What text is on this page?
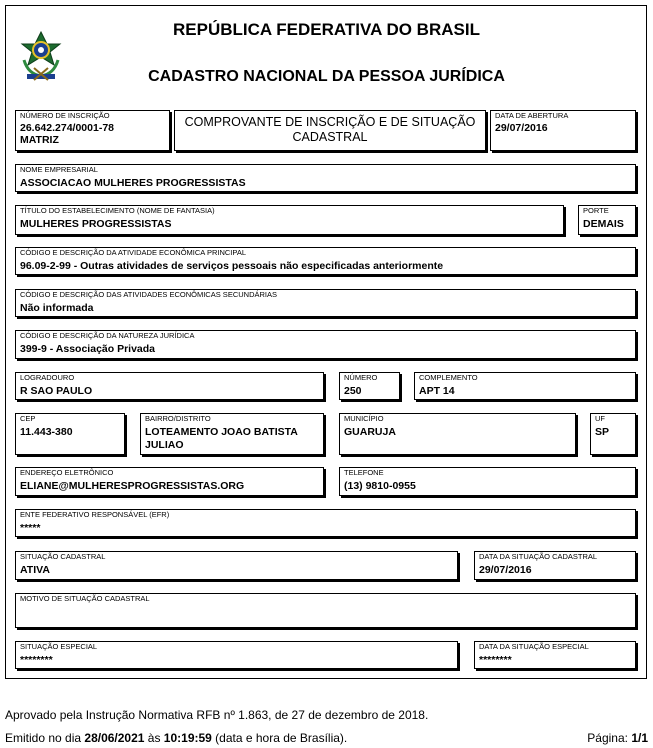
REPÚBLICA FEDERATIVA DO BRASIL
CADASTRO NACIONAL DA PESSOA JURÍDICA
NÚMERO DE INSCRIÇÃO
26.642.274/0001-78
MATRIZ
COMPROVANTE DE INSCRIÇÃO E DE SITUAÇÃO
CADASTRAL
DATA DE ABERTURA
29/07/2016
NOME EMPRESARIAL
ASSOCIACAO MULHERES PROGRESSISTAS
TÍTULO DO ESTABELECIMENTO (NOME DE FANTASIA)
MULHERES PROGRESSISTAS
PORTE
DEMAIS
CÓDIGO E DESCRIÇÃO DA ATIVIDADE ECONÔMICA PRINCIPAL
96.09-2-99 - Outras atividades de serviços pessoais não especificadas anteriormente
CÓDIGO E DESCRIÇÃO DAS ATIVIDADES ECONÔMICAS SECUNDÁRIAS
Não informada
CÓDIGO E DESCRIÇÃO DA NATUREZA JURÍDICA
399-9 - Associação Privada
LOGRADOURO
R SAO PAULO
NÚMERO
250
COMPLEMENTO
APT 14
CEP
11.443-380
BAIRRO/DISTRITO
LOTEAMENTO JOAO BATISTA JULIAO
MUNICÍPIO
GUARUJA
UF
SP
ENDEREÇO ELETRÔNICO
ELIANE@MULHERESPROGRESSISTAS.ORG
TELEFONE
(13) 9810-0955
ENTE FEDERATIVO RESPONSÁVEL (EFR)
*****
SITUAÇÃO CADASTRAL
ATIVA
DATA DA SITUAÇÃO CADASTRAL
29/07/2016
MOTIVO DE SITUAÇÃO CADASTRAL
SITUAÇÃO ESPECIAL
********
DATA DA SITUAÇÃO ESPECIAL
********
Aprovado pela Instrução Normativa RFB nº 1.863, de 27 de dezembro de 2018.
Emitido no dia 28/06/2021 às 10:19:59 (data e hora de Brasília).	Página: 1/1
